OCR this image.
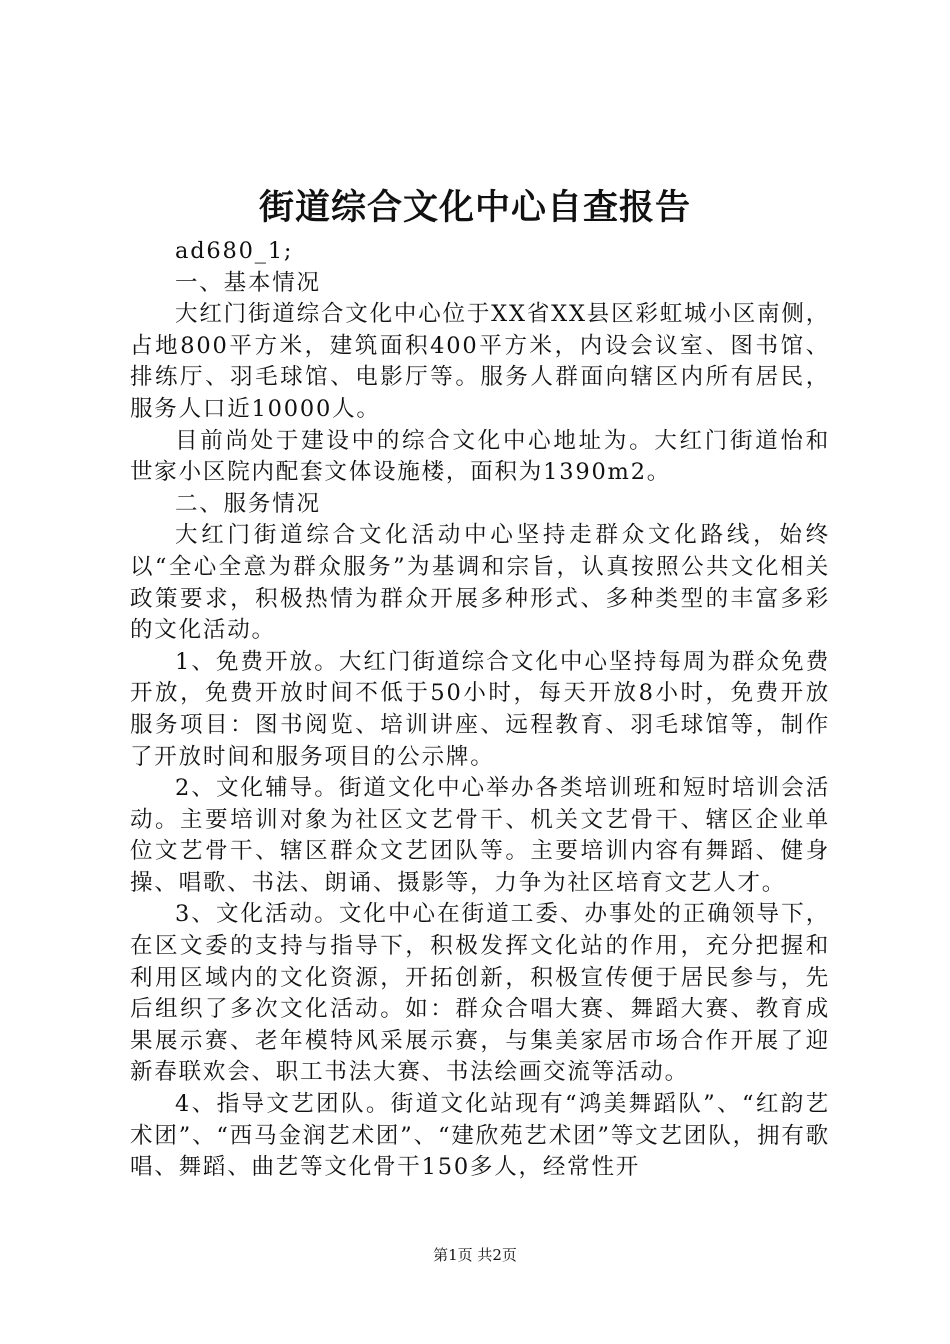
街道综合文化中心自查报告

ad680_1;

一、基本情况

大红门街道综合文化中心位于XX省XX县区彩虹城小区南侧，占地800平方米，建筑面积400平方米，内设会议室、图书馆、排练厅、羽毛球馆、电影厅等。服务人群面向辖区内所有居民，服务人口近10000人。

目前尚处于建设中的综合文化中心地址为。大红门街道怡和世家小区院内配套文体设施楼，面积为1390m2。

二、服务情况

大红门街道综合文化活动中心坚持走群众文化路线，始终以“全心全意为群众服务”为基调和宗旨，认真按照公共文化相关政策要求，积极热情为群众开展多种形式、多种类型的丰富多彩的文化活动。

1、免费开放。大红门街道综合文化中心坚持每周为群众免费开放，免费开放时间不低于50小时，每天开放8小时，免费开放服务项目：图书阅览、培训讲座、远程教育、羽毛球馆等，制作了开放时间和服务项目的公示牌。

2、文化辅导。街道文化中心举办各类培训班和短时培训会活动。主要培训对象为社区文艺骨干、机关文艺骨干、辖区企业单位文艺骨干、辖区群众文艺团队等。主要培训内容有舞蹈、健身操、唱歌、书法、朗诵、摄影等，力争为社区培育文艺人才。

3、文化活动。文化中心在街道工委、办事处的正确领导下，在区文委的支持与指导下，积极发挥文化站的作用，充分把握和利用区域内的文化资源，开拓创新，积极宣传便于居民参与，先后组织了多次文化活动。如：群众合唱大赛、舞蹈大赛、教育成果展示赛、老年模特风采展示赛，与集美家居市场合作开展了迎新春联欢会、职工书法大赛、书法绘画交流等活动。

4、指导文艺团队。街道文化站现有“鸿美舞蹈队”、“红韵艺术团”、“西马金润艺术团”、“建欣苑艺术团”等文艺团队，拥有歌唱、舞蹈、曲艺等文化骨干150多人，经常性开

第1页 共2页
